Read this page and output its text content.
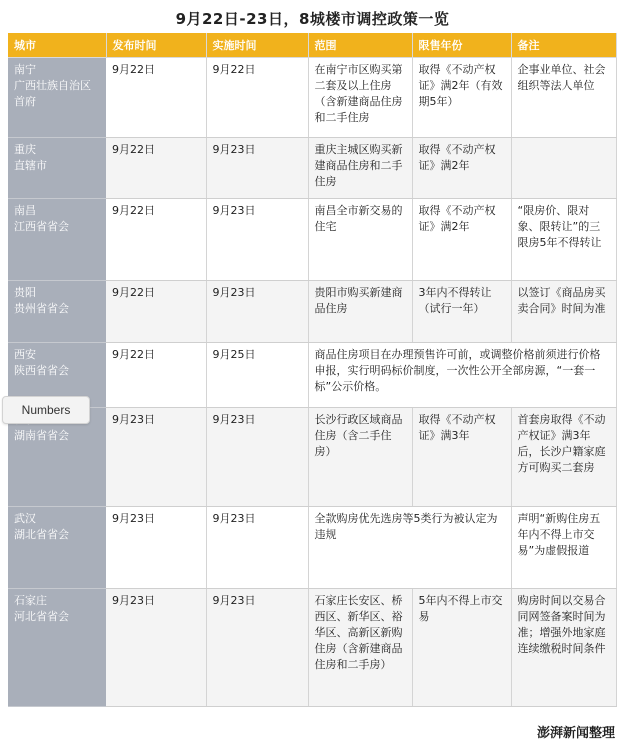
9月22日-23日，8城楼市调控政策一览
城市	发布时间	实施时间	范围	限售年份	备注
南宁
广西壮族自治区
首府	9月22日	9月22日	在南宁市区购买第二套及以上住房（含新建商品住房和二手住房	取得《不动产权证》满2年（有效期5年）	企事业单位、社会组织等法人单位
重庆
直辖市	9月22日	9月23日	重庆主城区购买新建商品住房和二手住房	取得《不动产权证》满2年	
南昌
江西省省会	9月22日	9月23日	南昌全市新交易的住宅	取得《不动产权证》满2年	“限房价、限对象、限转让”的三限房5年不得转让
贵阳
贵州省省会	9月22日	9月23日	贵阳市购买新建商品住房	3年内不得转让（试行一年）	以签订《商品房买卖合同》时间为准
西安
陕西省省会	9月22日	9月25日	商品住房项目在办理预售许可前，或调整价格前须进行价格申报，实行明码标价制度，一次性公开全部房源，“一套一标”公示价格。		

湖南省省会	9月23日	9月23日	长沙行政区域商品住房（含二手住房）	取得《不动产权证》满3年	首套房取得《不动产权证》满3年后，长沙户籍家庭方可购买二套房
武汉
湖北省省会	9月23日	9月23日	全款购房优先选房等5类行为被认定为违规		声明“新购住房五年内不得上市交易”为虚假报道
石家庄
河北省省会	9月23日	9月23日	石家庄长安区、桥西区、新华区、裕华区、高新区新购住房（含新建商品住房和二手房）	5年内不得上市交易	购房时间以交易合同网签备案时间为准；增强外地家庭连续缴税时间条件
Numbers
澎湃新闻整理
